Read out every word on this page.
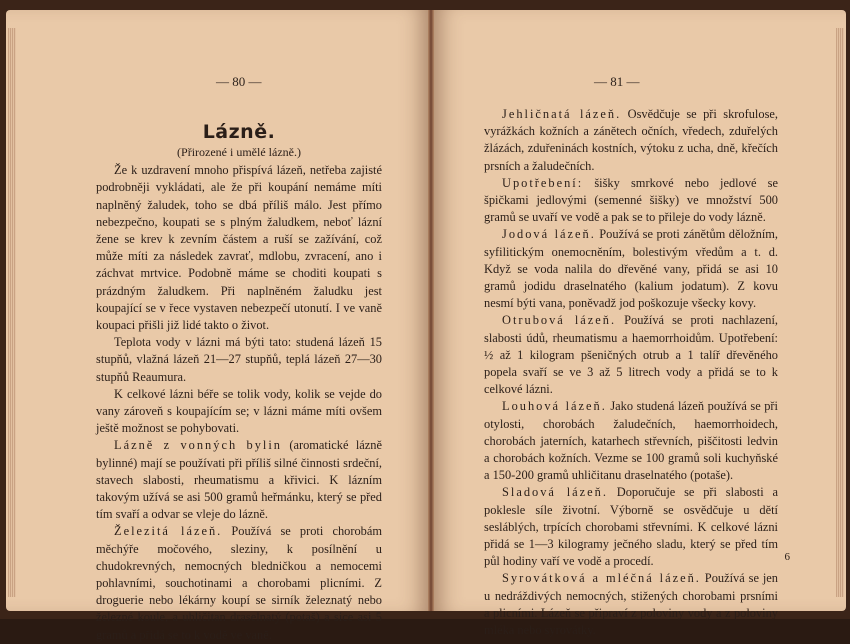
— 80 —
Lázně.
(Přirozené i umělé lázně.)

Že k uzdravení mnoho přispívá lázeň, netřeba zajisté podrobněji vykládati, ale že při koupání nemáme míti naplněný žaludek, toho se dbá příliš málo. Jest přímo nebezpečno, koupati se s plným žaludkem, neboť lázní žene se krev k zevním částem a ruší se zažívání, což může míti za následek zavrať, mdlobu, zvracení, ano i záchvat mrtvice. Podobně máme se choditi koupati s prázdným žaludkem. Při naplněném žaludku jest koupající se v řece vystaven nebezpečí utonutí. I ve vaně koupaci přišli již lidé takto o život.

Teplota vody v lázni má býti tato: studená lázeň 15 stupňů, vlažná lázeň 21—27 stupňů, teplá lázeň 27—30 stupňů Reaumura.

K celkové lázni béře se tolik vody, kolik se vejde do vany zároveň s koupajícím se; v lázni máme míti ovšem ještě možnost se pohybovati.

Lázně z vonných bylin (aromatické lázně bylinné) mají se používati při příliš silné činnosti srdeční, stavech slabosti, rheumatismu a křivici. K lázním takovým užívá se asi 500 gramů heřmánku, který se před tím svaří a odvar se vleje do lázně.

Železitá lázeň. Používá se proti chorobám měchýře močového, sleziny, k posílnění u chudokrevných, nemocných bledničkou a nemocemi pohlavními, souchotinami a chorobami plicními. Z droguerie nebo lékárny koupí se sirník železnatý nebo železné koule, a uhličitan draselnatý (potaš) a sice asi 5 gramů a přidá se to k vodě ve vaně.

— 81 —

Jehličnatá lázeň. Osvědčuje se při skrofulose, vyrážkách kožních a zánětech očních, vředech, zduřelých žlázách, zduřeninách kostních, výtoku z ucha, dně, křečích prsních a žaludečních.

Upotřebení: šišky smrkové nebo jedlové se špičkami jedlovými (semenné šišky) ve množství 500 gramů se uvaří ve vodě a pak se to přileje do vody lázně.

Jodová lázeň. Používá se proti zánětům děložním, syfilitickým onemocněním, bolestivým vředům a t. d. Když se voda nalila do dřevěné vany, přidá se asi 10 gramů jodidu draselnatého (kalium jodatum). Z kovu nesmí býti vana, poněvadž jod poškozuje všecky kovy.

Otrubová lázeň. Používá se proti nachlazení, slabosti údů, rheumatismu a haemorrhoidům. Upotřebení: ½ až 1 kilogram pšeničných otrub a 1 talíř dřevěného popela svaří se ve 3 až 5 litrech vody a přidá se to k celkové lázni.

Louhová lázeň. Jako studená lázeň používá se při otylosti, chorobách žaludečních, haemorrhoidech, chorobách jaterních, katarhech střevních, piščitosti ledvin a chorobách kožních. Vezme se 100 gramů soli kuchyňské a 150-200 gramů uhličitanu draselnatého (potaše).

Sladová lázeň. Doporučuje se při slabosti a poklesle síle životní. Výborně se osvědčuje u dětí sesláblých, trpících chorobami střevními. K celkové lázni přidá se 1—3 kilogramy ječného sladu, který se před tím půl hodiny vaří ve vodě a procedí.

Syrovátková a mléčná lázeň. Používá se jen u nedráždivých nemocných, stižených chorobami prsními a plicními. Lázeň se připraví z poloviny vody a z poloviny mléka nebo syrovátky.

6
